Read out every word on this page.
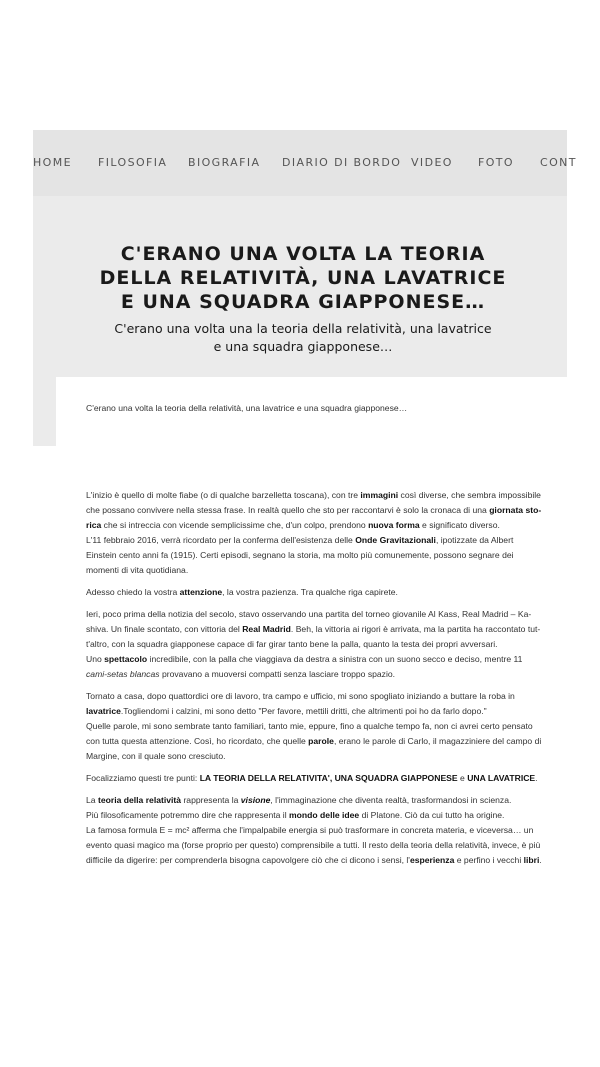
HOME FILOSOFIA BIOGRAFIA DIARIO DI BORDO VIDEO FOTO CONT
C'ERANO UNA VOLTA LA TEORIA DELLA RELATIVITÀ, UNA LAVATRICE E UNA SQUADRA GIAPPONESE…
C'erano una volta una la teoria della relatività, una lavatrice e una squadra giapponese…

C'erano una volta la teoria della relatività, una lavatrice e una squadra giapponese…

L'inizio è quello di molte fiabe (o di qualche barzelletta toscana), con tre immagini così diverse, che sembra impossibile che possano convivere nella stessa frase. In realtà quello che sto per raccontarvi è solo la cronaca di una giornata sto-rica che si intreccia con vicende semplicissime che, d'un colpo, prendono nuova forma e significato diverso.
L'11 febbraio 2016, verrà ricordato per la conferma dell'esistenza delle Onde Gravitazionali, ipotizzate da Albert Einstein cento anni fa (1915). Certi episodi, segnano la storia, ma molto più comunemente, possono segnare dei momenti di vita quotidiana.

Adesso chiedo la vostra attenzione, la vostra pazienza. Tra qualche riga capirete.

Ieri, poco prima della notizia del secolo, stavo osservando una partita del torneo giovanile Al Kass, Real Madrid – Ka-shiva. Un finale scontato, con vittoria del Real Madrid. Beh, la vittoria ai rigori è arrivata, ma la partita ha raccontato tut-t'altro, con la squadra giapponese capace di far girar tanto bene la palla, quanto la testa dei propri avversari.
Uno spettacolo incredibile, con la palla che viaggiava da destra a sinistra con un suono secco e deciso, mentre 11 cami-setas blancas provavano a muoversi compatti senza lasciare troppo spazio.

Tornato a casa, dopo quattordici ore di lavoro, tra campo e ufficio, mi sono spogliato iniziando a buttare la roba in lavatrice.Togliendomi i calzini, mi sono detto "Per favore, mettili dritti, che altrimenti poi ho da farlo dopo."
Quelle parole, mi sono sembrate tanto familiari, tanto mie, eppure, fino a qualche tempo fa, non ci avrei certo pensato con tutta questa attenzione. Così, ho ricordato, che quelle parole, erano le parole di Carlo, il magazziniere del campo di Margine, con il quale sono cresciuto.

Focalizziamo questi tre punti: LA TEORIA DELLA RELATIVITA', UNA SQUADRA GIAPPONESE e UNA LAVATRICE.

La teoria della relatività rappresenta la visione, l'immaginazione che diventa realtà, trasformandosi in scienza.
Più filosoficamente potremmo dire che rappresenta il mondo delle idee di Platone. Ciò da cui tutto ha origine.
La famosa formula E = mc² afferma che l'impalpabile energia si può trasformare in concreta materia, e viceversa… un evento quasi magico ma (forse proprio per questo) comprensibile a tutti. Il resto della teoria della relatività, invece, è più difficile da digerire: per comprenderla bisogna capovolgere ciò che ci dicono i sensi, l'esperienza e perfino i vecchi libri.
